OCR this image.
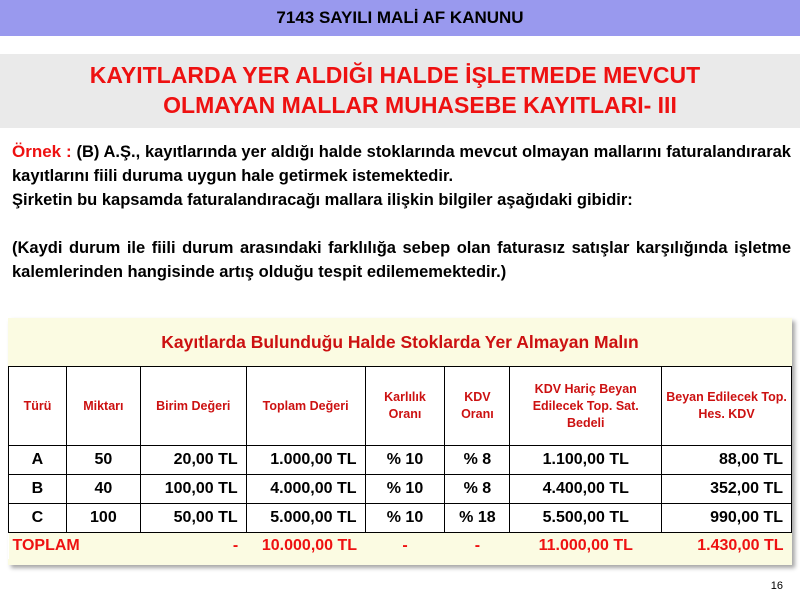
7143 SAYILI MALİ AF KANUNU
KAYITLARDA YER ALDIĞI HALDE İŞLETMEDE MEVCUT
OLMAYAN MALLAR MUHASEBE KAYITLARI- III

Örnek : (B) A.Ş., kayıtlarında yer aldığı halde stoklarında mevcut olmayan mallarını faturalandırarak kayıtlarını fiili duruma uygun hale getirmek istemektedir.

Şirketin bu kapsamda faturalandıracağı mallara ilişkin bilgiler aşağıdaki gibidir:

(Kaydi durum ile fiili durum arasındaki farklılığa sebep olan faturasız satışlar karşılığında işletme kalemlerinden hangisinde artış olduğu tespit edilememektedir.)

Kayıtlarda Bulunduğu Halde Stoklarda Yer Almayan Malın
Türü	Miktarı	Birim Değeri	Toplam Değeri	Karlılık Oranı	KDV Oranı	KDV Hariç Beyan Edilecek Top. Sat. Bedeli	Beyan Edilecek Top. Hes. KDV
A	50	20,00 TL	1.000,00 TL	% 10	% 8	1.100,00 TL	88,00 TL
B	40	100,00 TL	4.000,00 TL	% 10	% 8	4.400,00 TL	352,00 TL
C	100	50,00 TL	5.000,00 TL	% 10	% 18	5.500,00 TL	990,00 TL
TOPLAM		-	10.000,00 TL	-	-	11.000,00 TL	1.430,00 TL
16
